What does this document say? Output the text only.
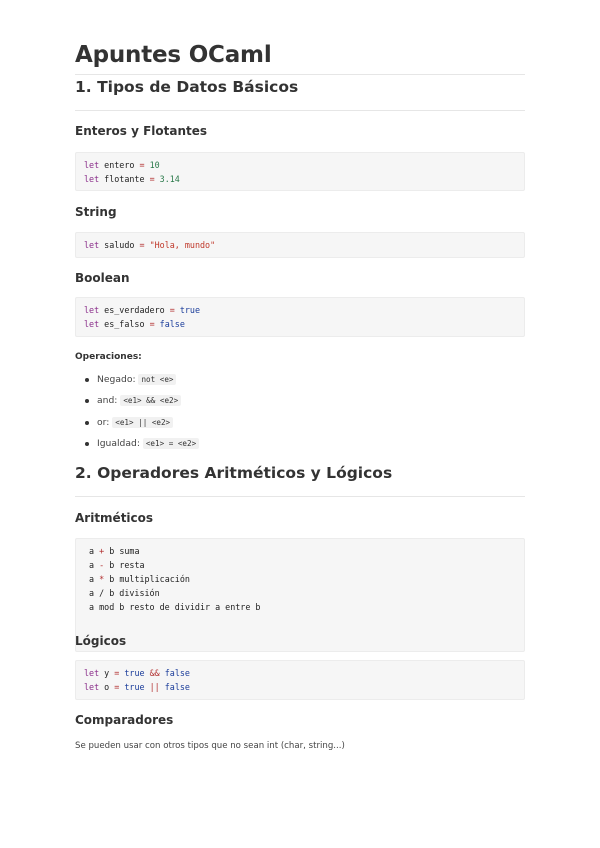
Apuntes OCaml
1. Tipos de Datos Básicos
Enteros y Flotantes
let entero = 10
let flotante = 3.14
String
let saludo = "Hola, mundo"
Boolean
let es_verdadero = true
let es_falso = false
Operaciones:
Negado: not <e>
and: <e1> && <e2>
or: <e1> || <e2>
Igualdad: <e1> = <e2>
2. Operadores Aritméticos y Lógicos
Aritméticos
a + b suma
a - b resta
a * b multiplicación
a / b división
a mod b resto de dividir a entre b
Lógicos
let y = true && false
let o = true || false
Comparadores

Se pueden usar con otros tipos que no sean int (char, string...)
